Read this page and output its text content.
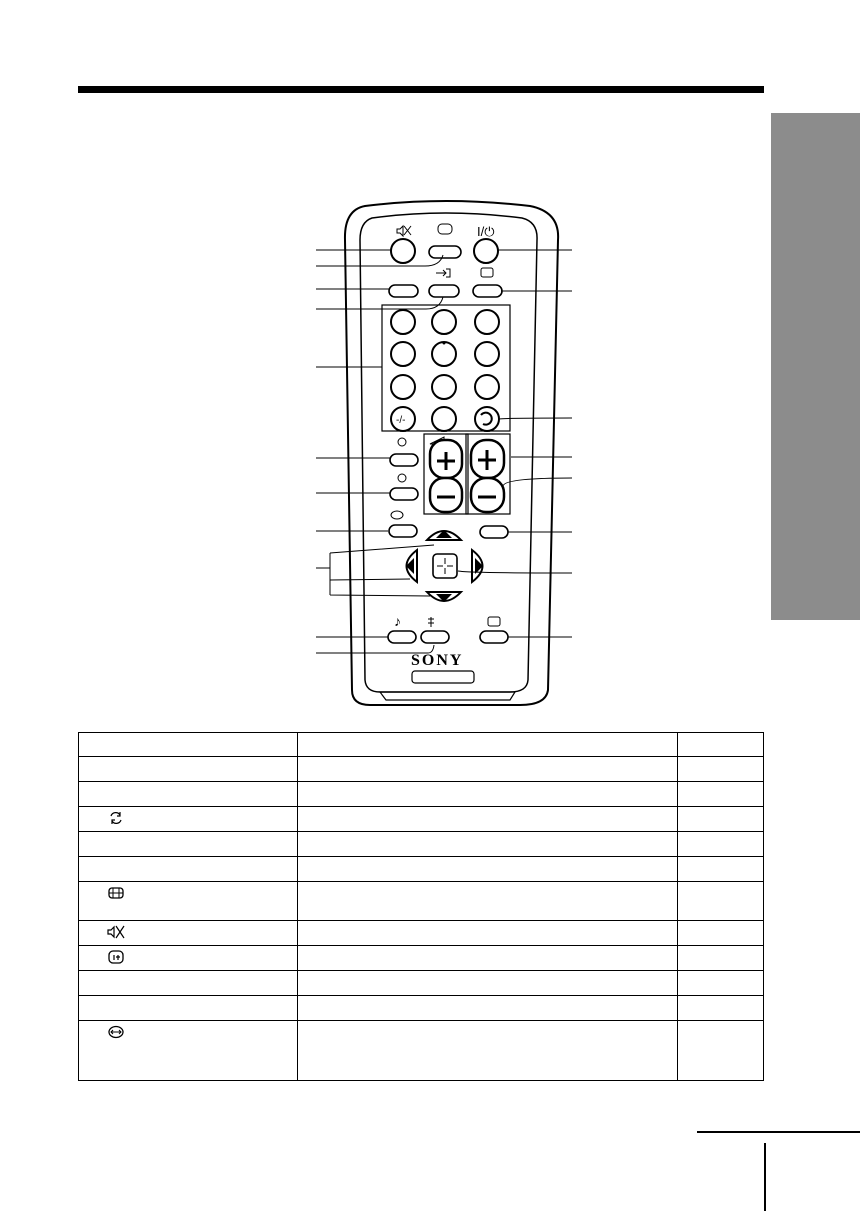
I/⏻
-/-
♪
SONY
